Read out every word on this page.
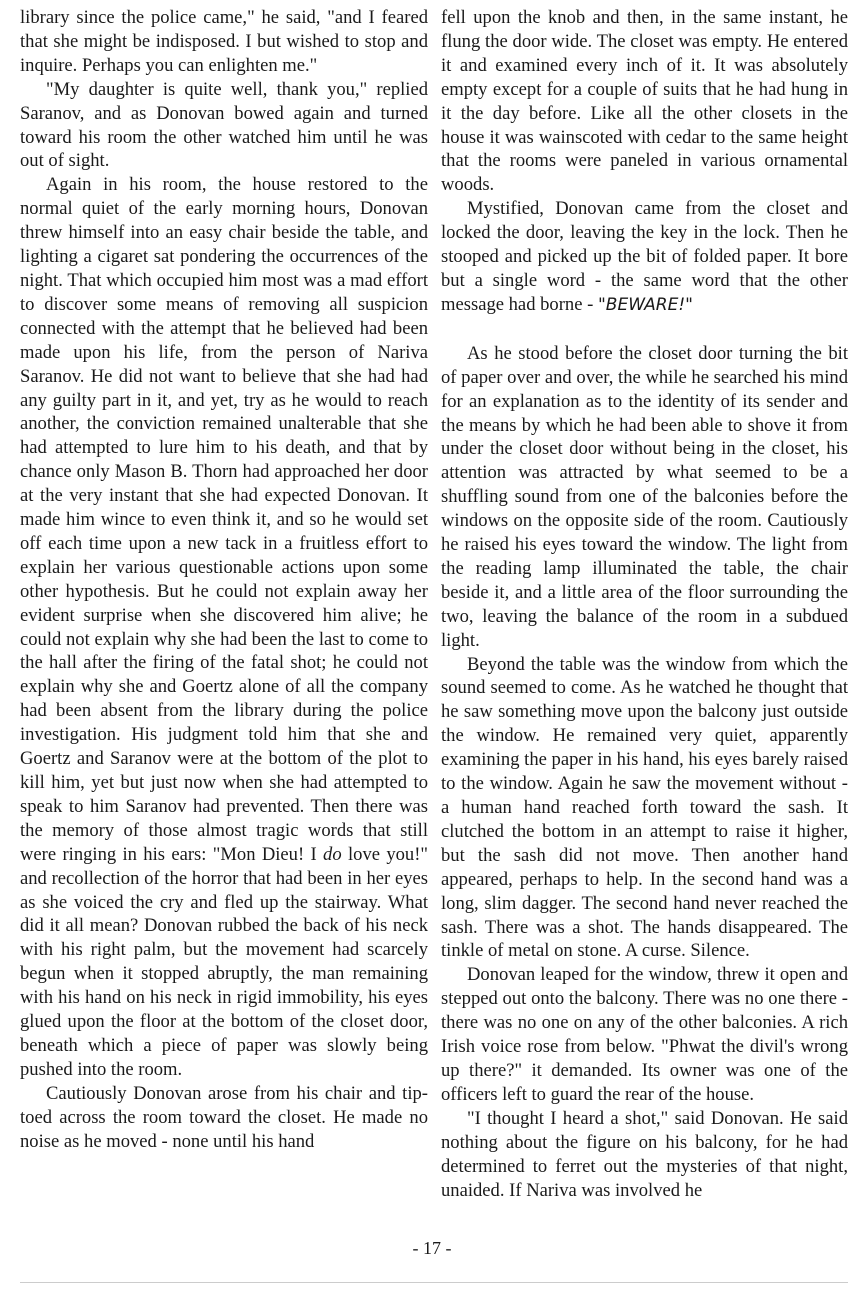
library since the police came," he said, "and I feared that she might be indisposed. I but wished to stop and inquire. Perhaps you can enlighten me."

"My daughter is quite well, thank you," replied Saranov, and as Donovan bowed again and turned toward his room the other watched him until he was out of sight.

Again in his room, the house restored to the normal quiet of the early morning hours, Donovan threw himself into an easy chair beside the table, and lighting a cigaret sat pondering the occurrences of the night. That which occupied him most was a mad effort to discover some means of removing all suspicion connected with the attempt that he believed had been made upon his life, from the person of Nariva Saranov. He did not want to believe that she had had any guilty part in it, and yet, try as he would to reach another, the conviction remained unalterable that she had attempted to lure him to his death, and that by chance only Mason B. Thorn had approached her door at the very instant that she had expected Donovan. It made him wince to even think it, and so he would set off each time upon a new tack in a fruitless effort to explain her various questionable actions upon some other hypothesis. But he could not explain away her evident surprise when she discovered him alive; he could not explain why she had been the last to come to the hall after the firing of the fatal shot; he could not explain why she and Goertz alone of all the company had been absent from the library during the police investigation. His judgment told him that she and Goertz and Saranov were at the bottom of the plot to kill him, yet but just now when she had attempted to speak to him Saranov had prevented. Then there was the memory of those almost tragic words that still were ringing in his ears: "Mon Dieu! I do love you!" and recollection of the horror that had been in her eyes as she voiced the cry and fled up the stairway. What did it all mean? Donovan rubbed the back of his neck with his right palm, but the movement had scarcely begun when it stopped abruptly, the man remaining with his hand on his neck in rigid immobility, his eyes glued upon the floor at the bottom of the closet door, beneath which a piece of paper was slowly being pushed into the room.

Cautiously Donovan arose from his chair and tip-toed across the room toward the closet. He made no noise as he moved - none until his hand

fell upon the knob and then, in the same instant, he flung the door wide. The closet was empty. He entered it and examined every inch of it. It was absolutely empty except for a couple of suits that he had hung in it the day before. Like all the other closets in the house it was wainscoted with cedar to the same height that the rooms were paneled in various ornamental woods.

Mystified, Donovan came from the closet and locked the door, leaving the key in the lock. Then he stooped and picked up the bit of folded paper. It bore but a single word - the same word that the other message had borne - "BEWARE!"

As he stood before the closet door turning the bit of paper over and over, the while he searched his mind for an explanation as to the identity of its sender and the means by which he had been able to shove it from under the closet door without being in the closet, his attention was attracted by what seemed to be a shuffling sound from one of the balconies before the windows on the opposite side of the room. Cautiously he raised his eyes toward the window. The light from the reading lamp illuminated the table, the chair beside it, and a little area of the floor surrounding the two, leaving the balance of the room in a subdued light.

Beyond the table was the window from which the sound seemed to come. As he watched he thought that he saw something move upon the balcony just outside the window. He remained very quiet, apparently examining the paper in his hand, his eyes barely raised to the window. Again he saw the movement without - a human hand reached forth toward the sash. It clutched the bottom in an attempt to raise it higher, but the sash did not move. Then another hand appeared, perhaps to help. In the second hand was a long, slim dagger. The second hand never reached the sash. There was a shot. The hands disappeared. The tinkle of metal on stone. A curse. Silence.

Donovan leaped for the window, threw it open and stepped out onto the balcony. There was no one there - there was no one on any of the other balconies. A rich Irish voice rose from below. "Phwat the divil's wrong up there?" it demanded. Its owner was one of the officers left to guard the rear of the house.

"I thought I heard a shot," said Donovan. He said nothing about the figure on his balcony, for he had determined to ferret out the mysteries of that night, unaided. If Nariva was involved he

- 17 -
